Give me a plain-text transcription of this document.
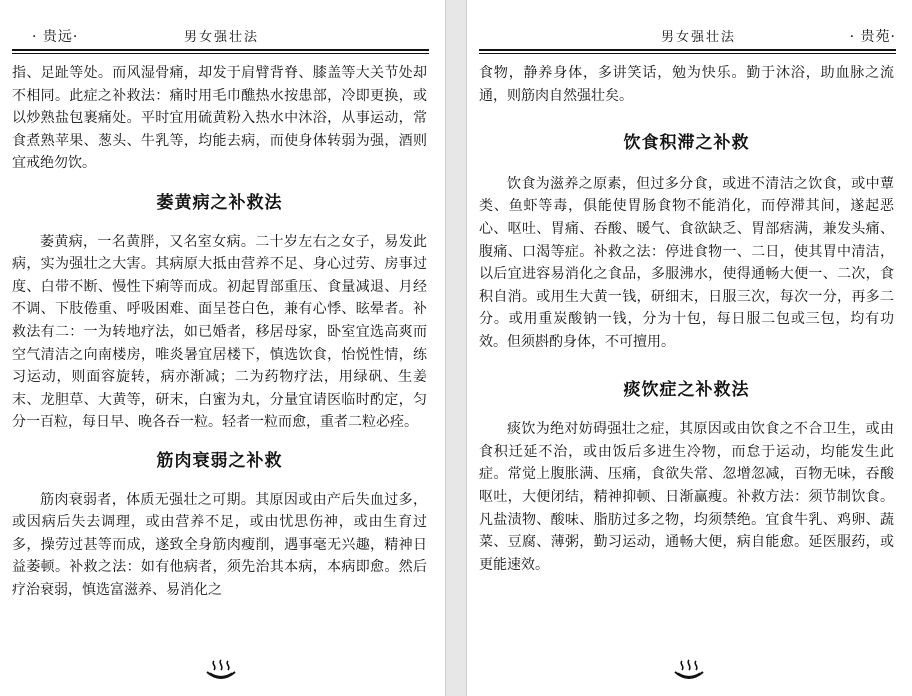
· 贵远·	男女强壮法

指、足趾等处。而风湿骨痛，却发于肩臂背脊、膝盖等大关节处却不相同。此症之补救法：痛时用毛巾醮热水按患部，冷即更换，或以炒熟盐包裹痛处。平时宜用硫黄粉入热水中沐浴，从事运动，常食煮熟苹果、葱头、牛乳等，均能去病，而使身体转弱为强，酒则宜戒绝勿饮。

萎黄病之补救法

萎黄病，一名黄胖，又名室女病。二十岁左右之女子，易发此病，实为强壮之大害。其病原大抵由营养不足、身心过劳、房事过度、白带不断、慢性下痢等而成。初起胃部重压、食量减退、月经不调、下肢倦重、呼吸困难、面呈苍白色，兼有心悸、眩晕者。补救法有二：一为转地疗法，如已婚者，移居母家，卧室宜选高爽而空气清洁之向南楼房，唯炎暑宜居楼下，慎选饮食，怡悦性情，练习运动，则面容旋转，病亦渐减；二为药物疗法，用绿矾、生姜末、龙胆草、大黄等，研末，白蜜为丸，分量宜请医临时酌定，匀分一百粒，每日早、晚各吞一粒。轻者一粒而愈，重者二粒必痊。

筋肉衰弱之补救

筋肉衰弱者，体质无强壮之可期。其原因或由产后失血过多，或因病后失去调理，或由营养不足，或由忧思伤神，或由生育过多，操劳过甚等而成，遂致全身筋肉瘦削，遇事毫无兴趣，精神日益萎顿。补救之法：如有他病者，须先治其本病，本病即愈。然后疗治衰弱，慎选富滋养、易消化之

男女强壮法	· 贵苑·

食物，静养身体，多讲笑话，勉为快乐。勤于沐浴，助血脉之流通，则筋肉自然强壮矣。

饮食积滞之补救

饮食为滋养之原素，但过多分食，或进不清洁之饮食，或中蕈类、鱼虾等毒，俱能使胃肠食物不能消化，而停滞其间，遂起恶心、呕吐、胃痛、吞酸、暖气、食欲缺乏、胃部痞满，兼发头痛、腹痛、口渴等症。补救之法：停进食物一、二日，使其胃中清洁，以后宜进容易消化之食品，多服沸水，使得通畅大便一、二次，食积自消。或用生大黄一钱，研细末，日服三次，每次一分，再多二分。或用重炭酸钠一钱，分为十包，每日服二包或三包，均有功效。但须斟酌身体，不可擅用。

痰饮症之补救法

痰饮为绝对妨碍强壮之症，其原因或由饮食之不合卫生，或由食积迁延不治，或由饭后多进生冷物，而怠于运动，均能发生此症。常觉上腹胀满、压痛，食欲失常、忽增忽减，百物无味，吞酸呕吐，大便闭结，精神抑顿、日渐赢瘦。补救方法：须节制饮食。凡盐渍物、酸味、脂肪过多之物，均须禁绝。宜食牛乳、鸡卵、蔬菜、豆腐、薄粥，勤习运动，通畅大便，病自能愈。延医服药，或更能速效。
